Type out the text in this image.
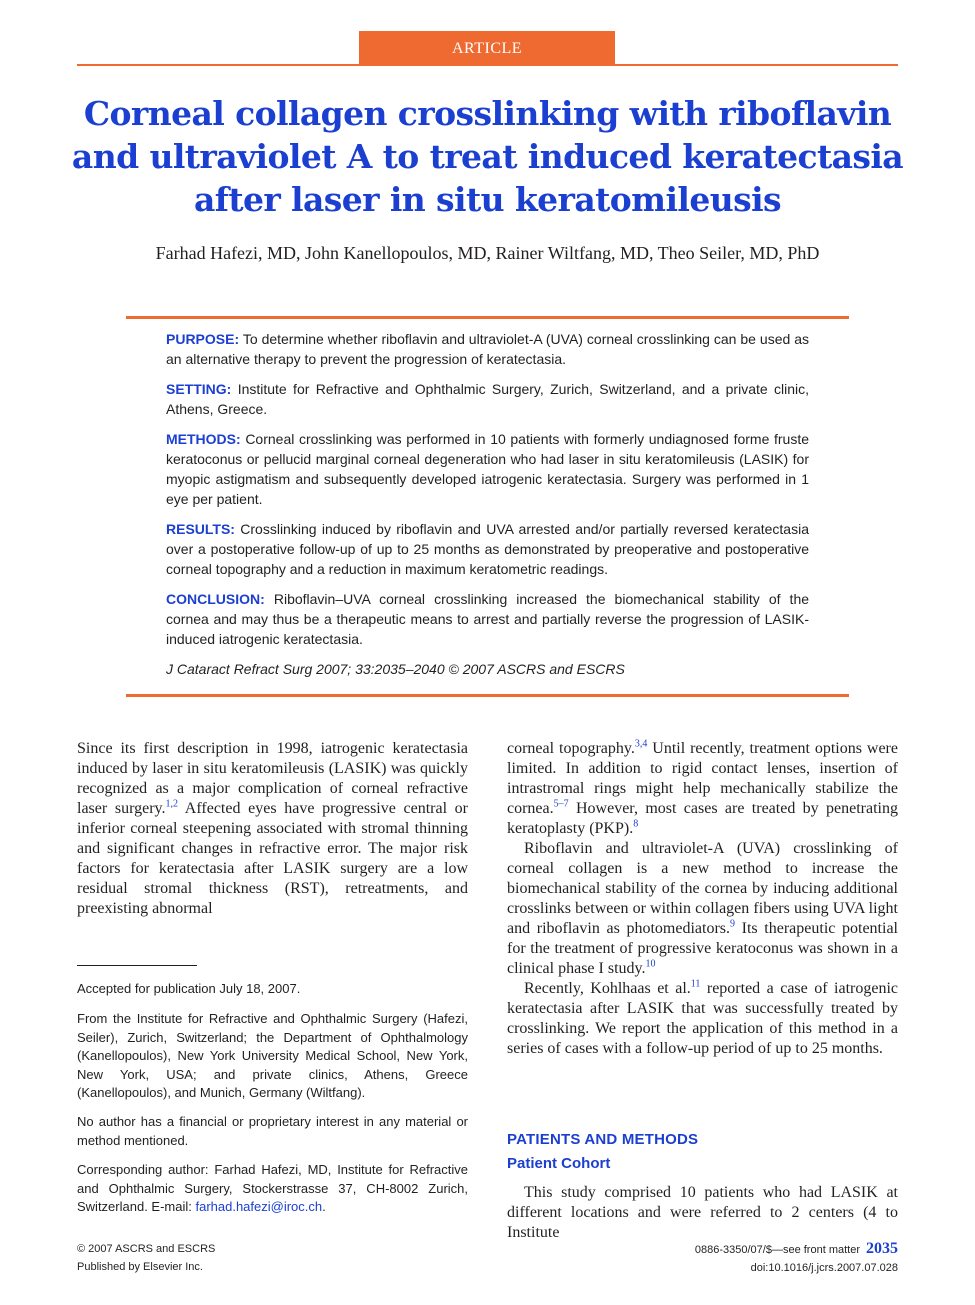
ARTICLE
Corneal collagen crosslinking with riboflavin and ultraviolet A to treat induced keratectasia after laser in situ keratomileusis
Farhad Hafezi, MD, John Kanellopoulos, MD, Rainer Wiltfang, MD, Theo Seiler, MD, PhD

PURPOSE: To determine whether riboflavin and ultraviolet-A (UVA) corneal crosslinking can be used as an alternative therapy to prevent the progression of keratectasia.

SETTING: Institute for Refractive and Ophthalmic Surgery, Zurich, Switzerland, and a private clinic, Athens, Greece.

METHODS: Corneal crosslinking was performed in 10 patients with formerly undiagnosed forme fruste keratoconus or pellucid marginal corneal degeneration who had laser in situ keratomileusis (LASIK) for myopic astigmatism and subsequently developed iatrogenic keratectasia. Surgery was performed in 1 eye per patient.

RESULTS: Crosslinking induced by riboflavin and UVA arrested and/or partially reversed keratectasia over a postoperative follow-up of up to 25 months as demonstrated by preoperative and postoperative corneal topography and a reduction in maximum keratometric readings.

CONCLUSION: Riboflavin–UVA corneal crosslinking increased the biomechanical stability of the cornea and may thus be a therapeutic means to arrest and partially reverse the progression of LASIK-induced iatrogenic keratectasia.

J Cataract Refract Surg 2007; 33:2035–2040 © 2007 ASCRS and ESCRS

Since its first description in 1998, iatrogenic keratectasia induced by laser in situ keratomileusis (LASIK) was quickly recognized as a major complication of corneal refractive laser surgery.$^{1,2}$ Affected eyes have progressive central or inferior corneal steepening associated with stromal thinning and significant changes in refractive error. The major risk factors for keratectasia after LASIK surgery are a low residual stromal thickness (RST), retreatments, and preexisting abnormal

Accepted for publication July 18, 2007.
From the Institute for Refractive and Ophthalmic Surgery (Hafezi, Seiler), Zurich, Switzerland; the Department of Ophthalmology (Kanellopoulos), New York University Medical School, New York, New York, USA; and private clinics, Athens, Greece (Kanellopoulos), and Munich, Germany (Wiltfang).
No author has a financial or proprietary interest in any material or method mentioned.
Corresponding author: Farhad Hafezi, MD, Institute for Refractive and Ophthalmic Surgery, Stockerstrasse 37, CH-8002 Zurich, Switzerland. E-mail: farhad.hafezi@iroc.ch.

corneal topography.$^{3,4}$ Until recently, treatment options were limited. In addition to rigid contact lenses, insertion of intrastromal rings might help mechanically stabilize the cornea.$^{5-7}$ However, most cases are treated by penetrating keratoplasty (PKP).$^8$

Riboflavin and ultraviolet-A (UVA) crosslinking of corneal collagen is a new method to increase the biomechanical stability of the cornea by inducing additional crosslinks between or within collagen fibers using UVA light and riboflavin as photomediators.$^9$ Its therapeutic potential for the treatment of progressive keratoconus was shown in a clinical phase I study.$^{10}$

Recently, Kohlhaas et al.$^{11}$ reported a case of iatrogenic keratectasia after LASIK that was successfully treated by crosslinking. We report the application of this method in a series of cases with a follow-up period of up to 25 months.

PATIENTS AND METHODS
Patient Cohort

This study comprised 10 patients who had LASIK at different locations and were referred to 2 centers (4 to Institute

© 2007 ASCRS and ESCRS
Published by Elsevier Inc.
0886-3350/07/$—see front matter 2035
doi:10.1016/j.jcrs.2007.07.028
